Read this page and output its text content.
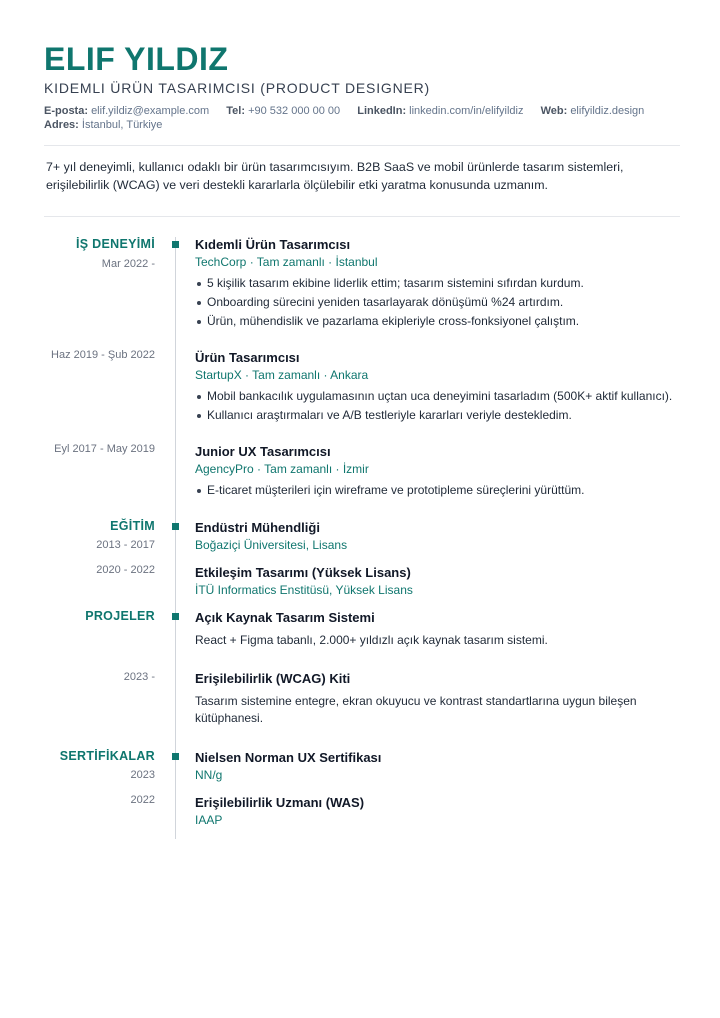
ELIF YILDIZ
KIDEMLI ÜRÜN TASARIMCISI (PRODUCT DESIGNER)
E-posta: elif.yildiz@example.com Tel: +90 532 000 00 00 LinkedIn: linkedin.com/in/elifyildiz Web: elifyildiz.design
Adres: İstanbul, Türkiye
7+ yıl deneyimli, kullanıcı odaklı bir ürün tasarımcısıyım. B2B SaaS ve mobil ürünlerde tasarım sistemleri, erişilebilirlik (WCAG) ve veri destekli kararlarla ölçülebilir etki yaratma konusunda uzmanım.
İŞ DENEYİMİ
Mar 2022 -
Kıdemli Ürün Tasarımcısı
TechCorp · Tam zamanlı · İstanbul
5 kişilik tasarım ekibine liderlik ettim; tasarım sistemini sıfırdan kurdum.
Onboarding sürecini yeniden tasarlayarak dönüşümü %24 artırdım.
Ürün, mühendislik ve pazarlama ekipleriyle cross-fonksiyonel çalıştım.
Haz 2019 - Şub 2022	Ürün Tasarımcısı
StartupX · Tam zamanlı · Ankara
Mobil bankacılık uygulamasının uçtan uca deneyimini tasarladım (500K+ aktif kullanıcı).
Kullanıcı araştırmaları ve A/B testleriyle kararları veriyle destekledim.
Eyl 2017 - May 2019	Junior UX Tasarımcısı
AgencyPro · Tam zamanlı · İzmir
E-ticaret müşterileri için wireframe ve prototipleme süreçlerini yürüttüm.
EĞİTİM
2013 - 2017
Endüstri Mühendliği
Boğaziçi Üniversitesi, Lisans
2020 - 2022	Etkileşim Tasarımı (Yüksek Lisans)
İTÜ Informatics Enstitüsü, Yüksek Lisans
PROJELER	Açık Kaynak Tasarım Sistemi
React + Figma tabanlı, 2.000+ yıldızlı açık kaynak tasarım sistemi.
2023 -	Erişilebilirlik (WCAG) Kiti
Tasarım sistemine entegre, ekran okuyucu ve kontrast standartlarına uygun bileşen kütüphanesi.
SERTİFİKALAR
2023
Nielsen Norman UX Sertifikası
NN/g
2022	Erişilebilirlik Uzmanı (WAS)
IAAP
